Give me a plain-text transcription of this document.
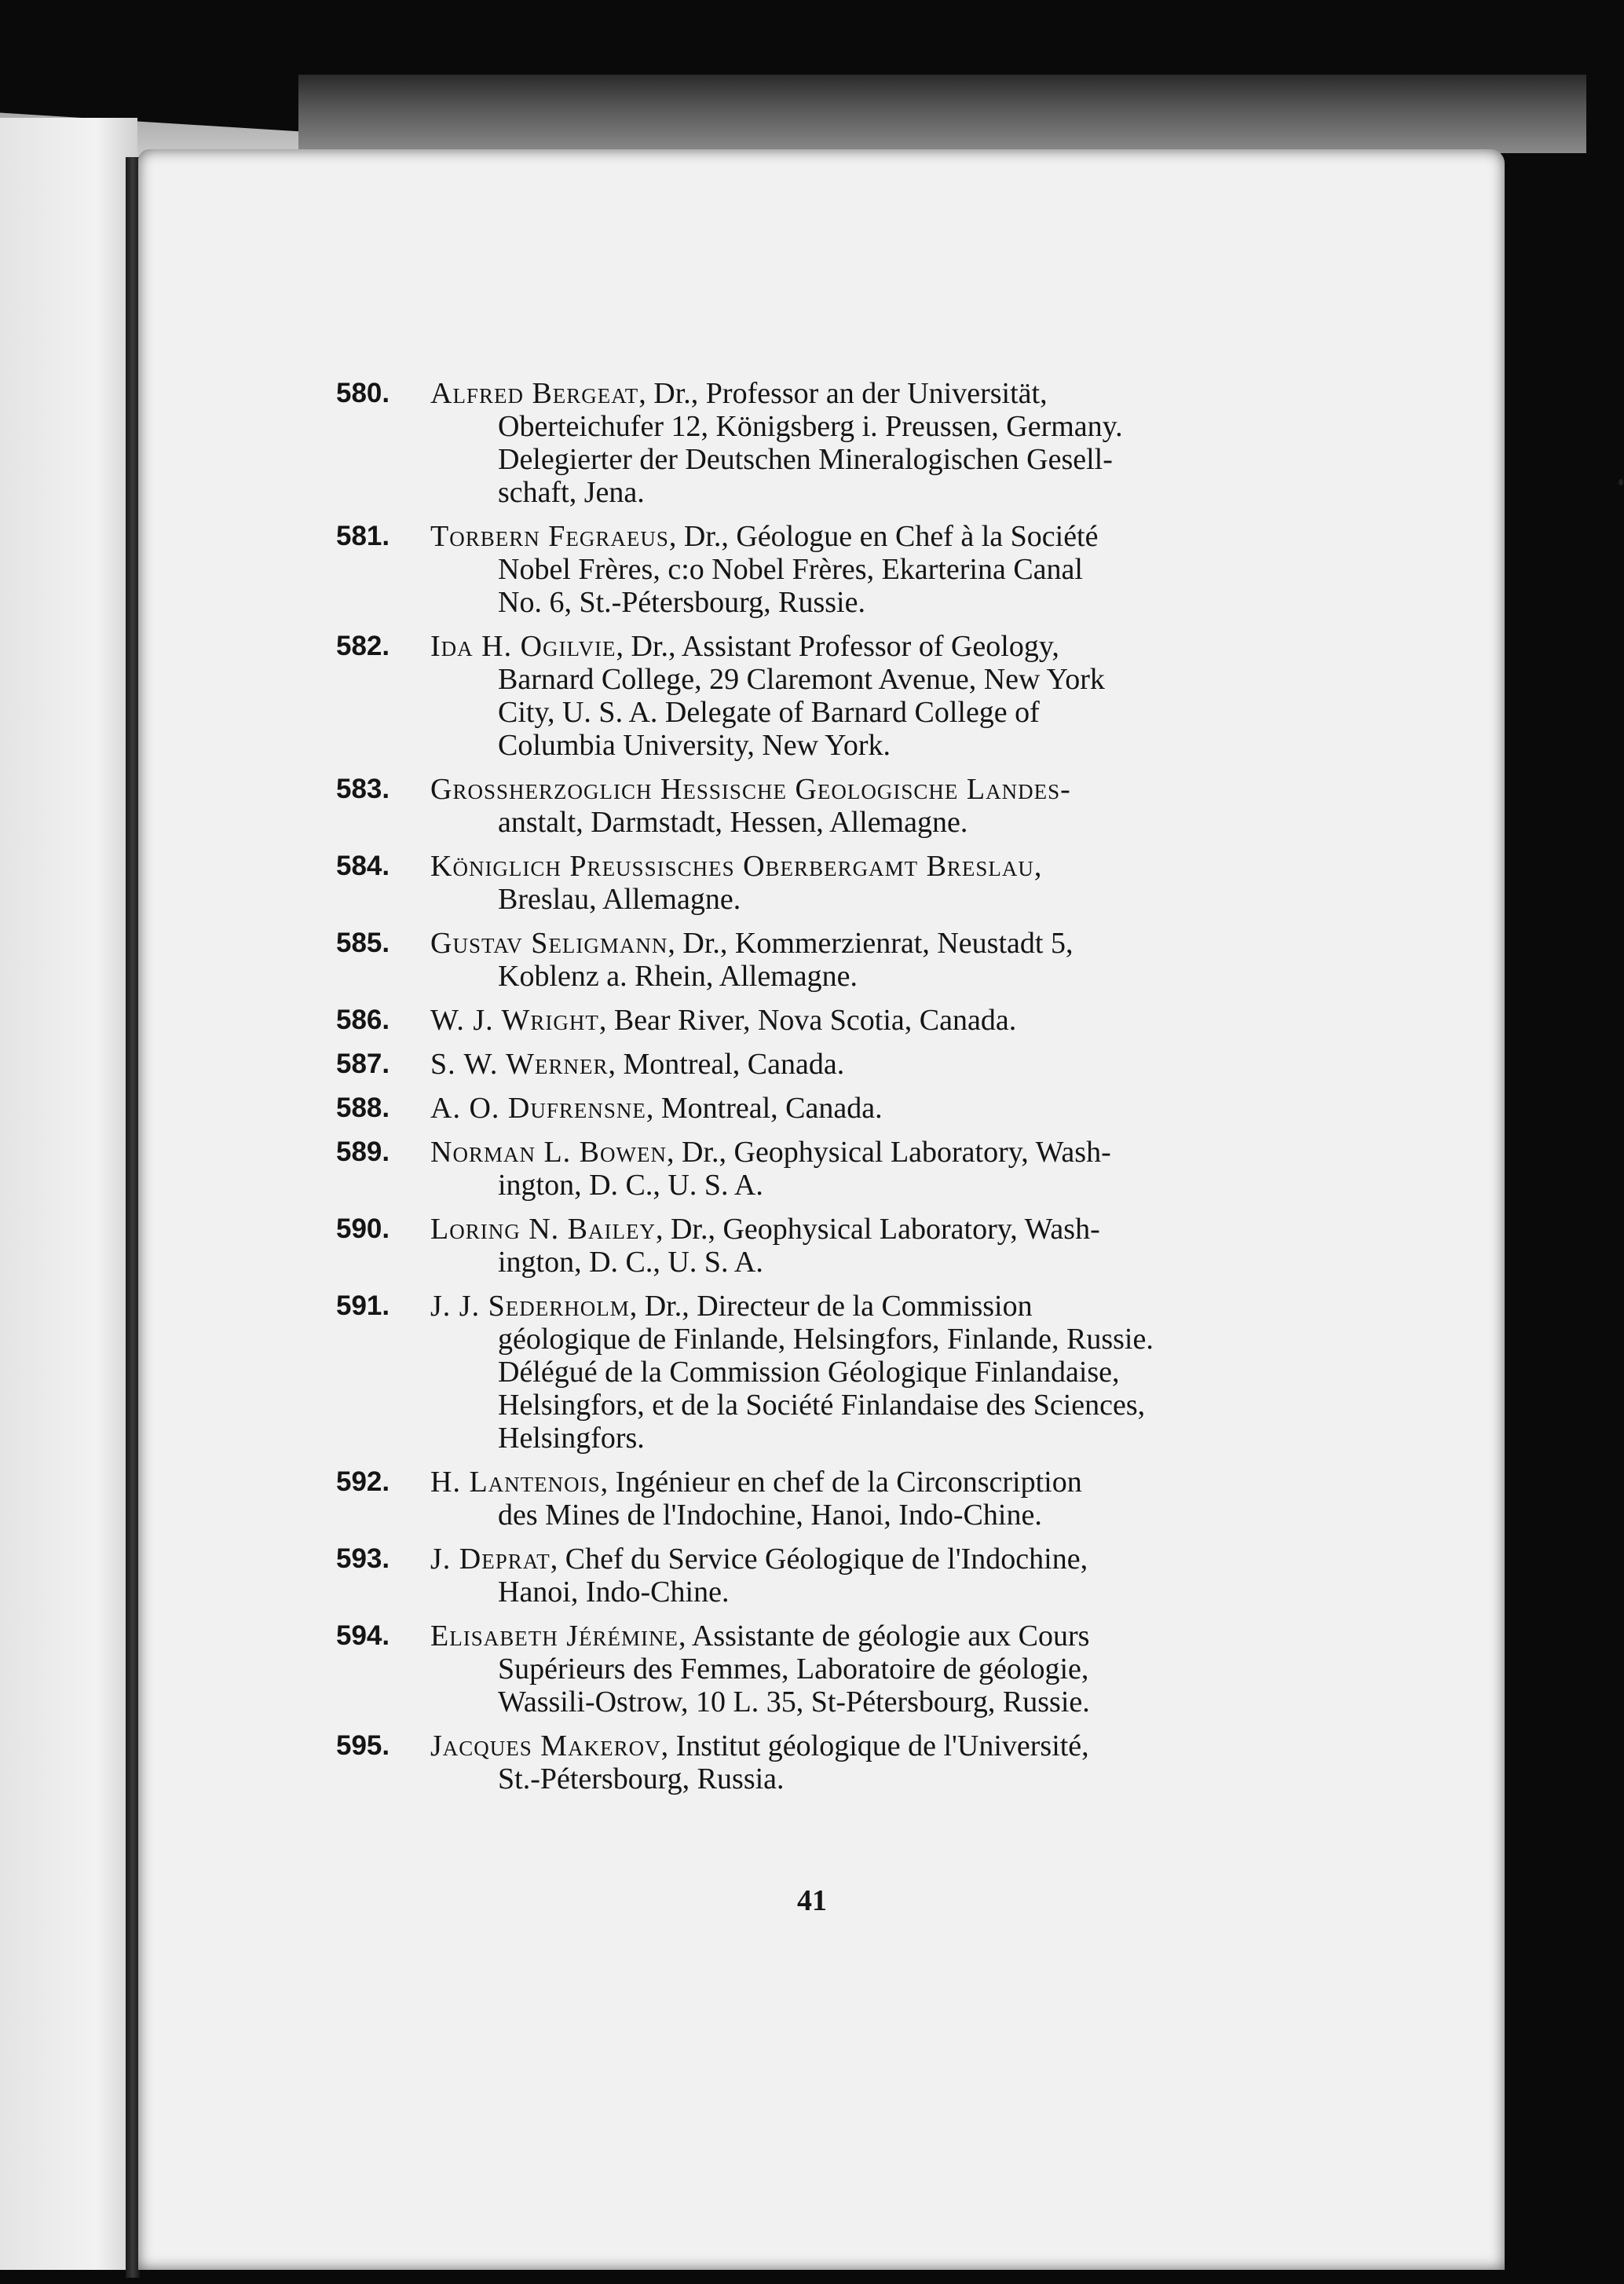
580. Alfred Bergeat, Dr., Professor an der Universität,
Oberteichufer 12, Königsberg i. Preussen, Germany.
Delegierter der Deutschen Mineralogischen Gesell-
schaft, Jena.
581. Torbern Fegraeus, Dr., Géologue en Chef à la Société
Nobel Frères, c:o Nobel Frères, Ekarterina Canal
No. 6, St.-Pétersbourg, Russie.
582. Ida H. Ogilvie, Dr., Assistant Professor of Geology,
Barnard College, 29 Claremont Avenue, New York
City, U. S. A. Delegate of Barnard College of
Columbia University, New York.
583. Grossherzoglich Hessische Geologische Landes-
anstalt, Darmstadt, Hessen, Allemagne.
584. Königlich Preussisches Oberbergamt Breslau,
Breslau, Allemagne.
585. Gustav Seligmann, Dr., Kommerzienrat, Neustadt 5,
Koblenz a. Rhein, Allemagne.
586. W. J. Wright, Bear River, Nova Scotia, Canada.
587. S. W. Werner, Montreal, Canada.
588. A. O. Dufrensne, Montreal, Canada.
589. Norman L. Bowen, Dr., Geophysical Laboratory, Wash-
ington, D. C., U. S. A.
590. Loring N. Bailey, Dr., Geophysical Laboratory, Wash-
ington, D. C., U. S. A.
591. J. J. Sederholm, Dr., Directeur de la Commission
géologique de Finlande, Helsingfors, Finlande, Russie.
Délégué de la Commission Géologique Finlandaise,
Helsingfors, et de la Société Finlandaise des Sciences,
Helsingfors.
592. H. Lantenois, Ingénieur en chef de la Circonscription
des Mines de l'Indochine, Hanoi, Indo-Chine.
593. J. Deprat, Chef du Service Géologique de l'Indochine,
Hanoi, Indo-Chine.
594. Elisabeth Jérémine, Assistante de géologie aux Cours
Supérieurs des Femmes, Laboratoire de géologie,
Wassili-Ostrow, 10 L. 35, St-Pétersbourg, Russie.
595. Jacques Makerov, Institut géologique de l'Université,
St.-Pétersbourg, Russia.
41
